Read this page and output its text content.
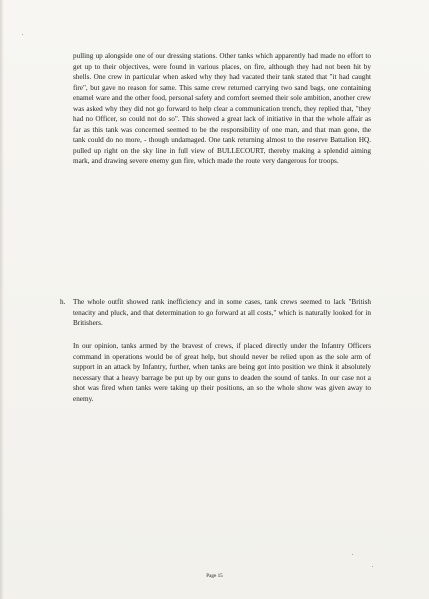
pulling up alongside one of our dressing stations. Other tanks which apparently had made no effort to get up to their objectives, were found in various places, on fire, although they had not been hit by shells. One crew in particular when asked why they had vacated their tank stated that "it had caught fire", but gave no reason for same. This same crew returned carrying two sand bags, one containing enamel ware and the other food, personal safety and comfort seemed their sole ambition, another crew was asked why they did not go forward to help clear a communication trench, they replied that, "they had no Officer, so could not do so". This showed a great lack of initiative in that the whole affair as far as this tank was concerned seemed to be the responsibility of one man, and that man gone, the tank could do no more, - though undamaged. One tank returning almost to the reserve Battalion HQ. pulled up right on the sky line in full view of BULLECOURT, thereby making a splendid aiming mark, and drawing severe enemy gun fire, which made the route very dangerous for troops.

h. The whole outfit showed rank inefficiency and in some cases, tank crews seemed to lack "British tenacity and pluck, and that determination to go forward at all costs," which is naturally looked for in Britishers.

In our opinion, tanks armed by the bravest of crews, if placed directly under the Infantry Officers command in operations would be of great help, but should never be relied upon as the sole arm of support in an attack by Infantry, further, when tanks are being got into position we think it absolutely necessary that a heavy barrage be put up by our guns to deaden the sound of tanks. In our case not a shot was fired when tanks were taking up their positions, an so the whole show was given away to enemy.

Page 15
